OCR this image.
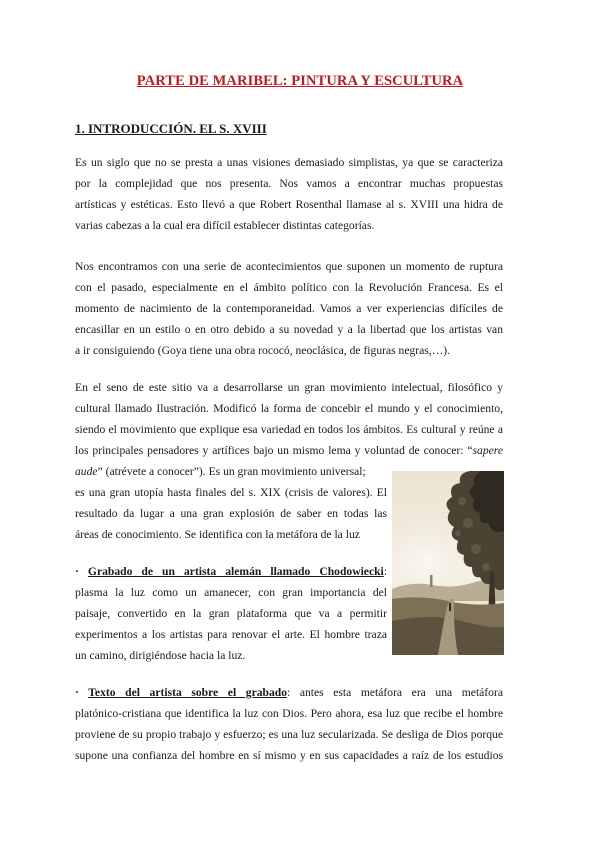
PARTE DE MARIBEL: PINTURA Y ESCULTURA
1. INTRODUCCIÓN. EL S. XVIII
Es un siglo que no se presta a unas visiones demasiado simplistas, ya que se caracteriza
por la complejidad que nos presenta. Nos vamos a encontrar muchas propuestas
artísticas y estéticas. Esto llevó a que Robert Rosenthal llamase al s. XVIII una hidra de
varias cabezas a la cual era difícil establecer distintas categorías.
Nos encontramos con una serie de acontecimientos que suponen un momento de ruptura
con el pasado, especialmente en el ámbito político con la Revolución Francesa. Es el
momento de nacimiento de la contemporaneidad. Vamos a ver experiencias difíciles de
encasillar en un estilo o en otro debido a su novedad y a la libertad que los artistas van
a ir consiguiendo (Goya tiene una obra rococó, neoclásica, de figuras negras,…).
En el seno de este sitio va a desarrollarse un gran movimiento intelectual, filosófico y
cultural llamado Ilustración. Modificó la forma de concebir el mundo y el conocimiento,
siendo el movimiento que explique esa variedad en todos los ámbitos. Es cultural y reúne a
los principales pensadores y artífices bajo un mismo lema y voluntad de conocer: “sapere
aude” (atrévete a conocer”). Es un gran movimiento universal;
es una gran utopía hasta finales del s. XIX (crisis de valores). El
resultado da lugar a una gran explosión de saber en todas las
áreas de conocimiento. Se identifica con la metáfora de la luz
· Grabado de un artista alemán llamado Chodowiecki:
plasma la luz como un amanecer, con gran importancia del
paisaje, convertido en la gran plataforma que va a permitir
experimentos a los artistas para renovar el arte. El hombre traza
un camino, dirigiéndose hacia la luz.
· Texto del artista sobre el grabado: antes esta metáfora era una metáfora
platónico-cristiana que identifica la luz con Dios. Pero ahora, esa luz que recibe el hombre
proviene de su propio trabajo y esfuerzo; es una luz secularizada. Se desliga de Dios porque
supone una confianza del hombre en sí mismo y en sus capacidades a raíz de los estudios
